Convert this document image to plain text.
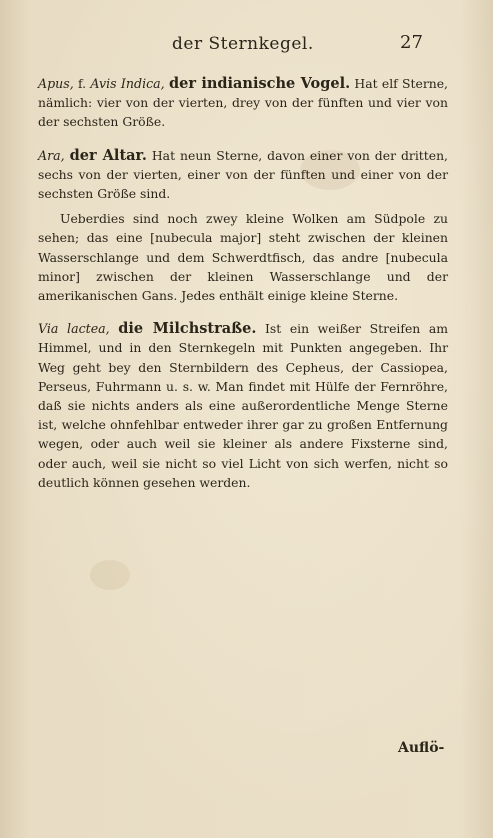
der Sternkegel.	27

Apus, f. Avis Indica, der indianische Vogel. Hat elf Sterne, nämlich: vier von der vierten, drey von der fünften und vier von der sechsten Größe.

Ara, der Altar. Hat neun Sterne, davon einer von der dritten, sechs von der vierten, einer von der fünften und einer von der sechsten Größe sind.

Ueberdies sind noch zwey kleine Wolken am Südpole zu sehen; das eine [nubecula major] steht zwischen der kleinen Wasserschlange und dem Schwerdtfisch, das andre [nubecula minor] zwischen der kleinen Wasserschlange und der amerikanischen Gans. Jedes enthält einige kleine Sterne.

Via lactea, die Milchstraße. Ist ein weißer Streifen am Himmel, und in den Sternkegeln mit Punkten angegeben. Ihr Weg geht bey den Sternbildern des Cepheus, der Cassiopea, Perseus, Fuhrmann u. s. w. Man findet mit Hülfe der Fernröhre, daß sie nichts anders als eine außerordentliche Menge Sterne ist, welche ohnfehlbar entweder ihrer gar zu großen Entfernung wegen, oder auch weil sie kleiner als andere Fixsterne sind, oder auch, weil sie nicht so viel Licht von sich werfen, nicht so deutlich können gesehen werden.

Auflö-
